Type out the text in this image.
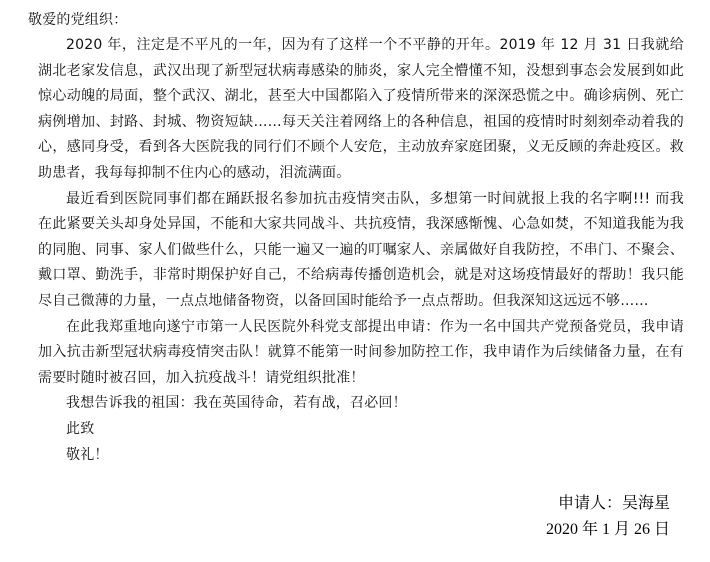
敬爱的党组织：

2020 年，注定是不平凡的一年，因为有了这样一个不平静的开年。2019 年 12 月 31 日我就给湖北老家发信息，武汉出现了新型冠状病毒感染的肺炎，家人完全懵懂不知，没想到事态会发展到如此惊心动魄的局面，整个武汉、湖北，甚至大中国都陷入了疫情所带来的深深恐慌之中。确诊病例、死亡病例增加、封路、封城、物资短缺……每天关注着网络上的各种信息，祖国的疫情时时刻刻牵动着我的心，感同身受，看到各大医院我的同行们不顾个人安危，主动放弃家庭团聚，义无反顾的奔赴疫区。救助患者，我每每抑制不住内心的感动，泪流满面。

最近看到医院同事们都在踊跃报名参加抗击疫情突击队，多想第一时间就报上我的名字啊!!! 而我在此紧要关头却身处异国，不能和大家共同战斗、共抗疫情，我深感惭愧、心急如焚，不知道我能为我的同胞、同事、家人们做些什么，只能一遍又一遍的叮嘱家人、亲属做好自我防控，不串门、不聚会、戴口罩、勤洗手，非常时期保护好自己，不给病毒传播创造机会，就是对这场疫情最好的帮助！我只能尽自己微薄的力量，一点点地储备物资，以备回国时能给予一点点帮助。但我深知这远远不够……

在此我郑重地向遂宁市第一人民医院外科党支部提出申请：作为一名中国共产党预备党员，我申请加入抗击新型冠状病毒疫情突击队！就算不能第一时间参加防控工作，我申请作为后续储备力量，在有需要时随时被召回，加入抗疫战斗！请党组织批准！

我想告诉我的祖国：我在英国待命，若有战，召必回！

此致

敬礼！

申请人：吴海星
2020 年 1 月 26 日
